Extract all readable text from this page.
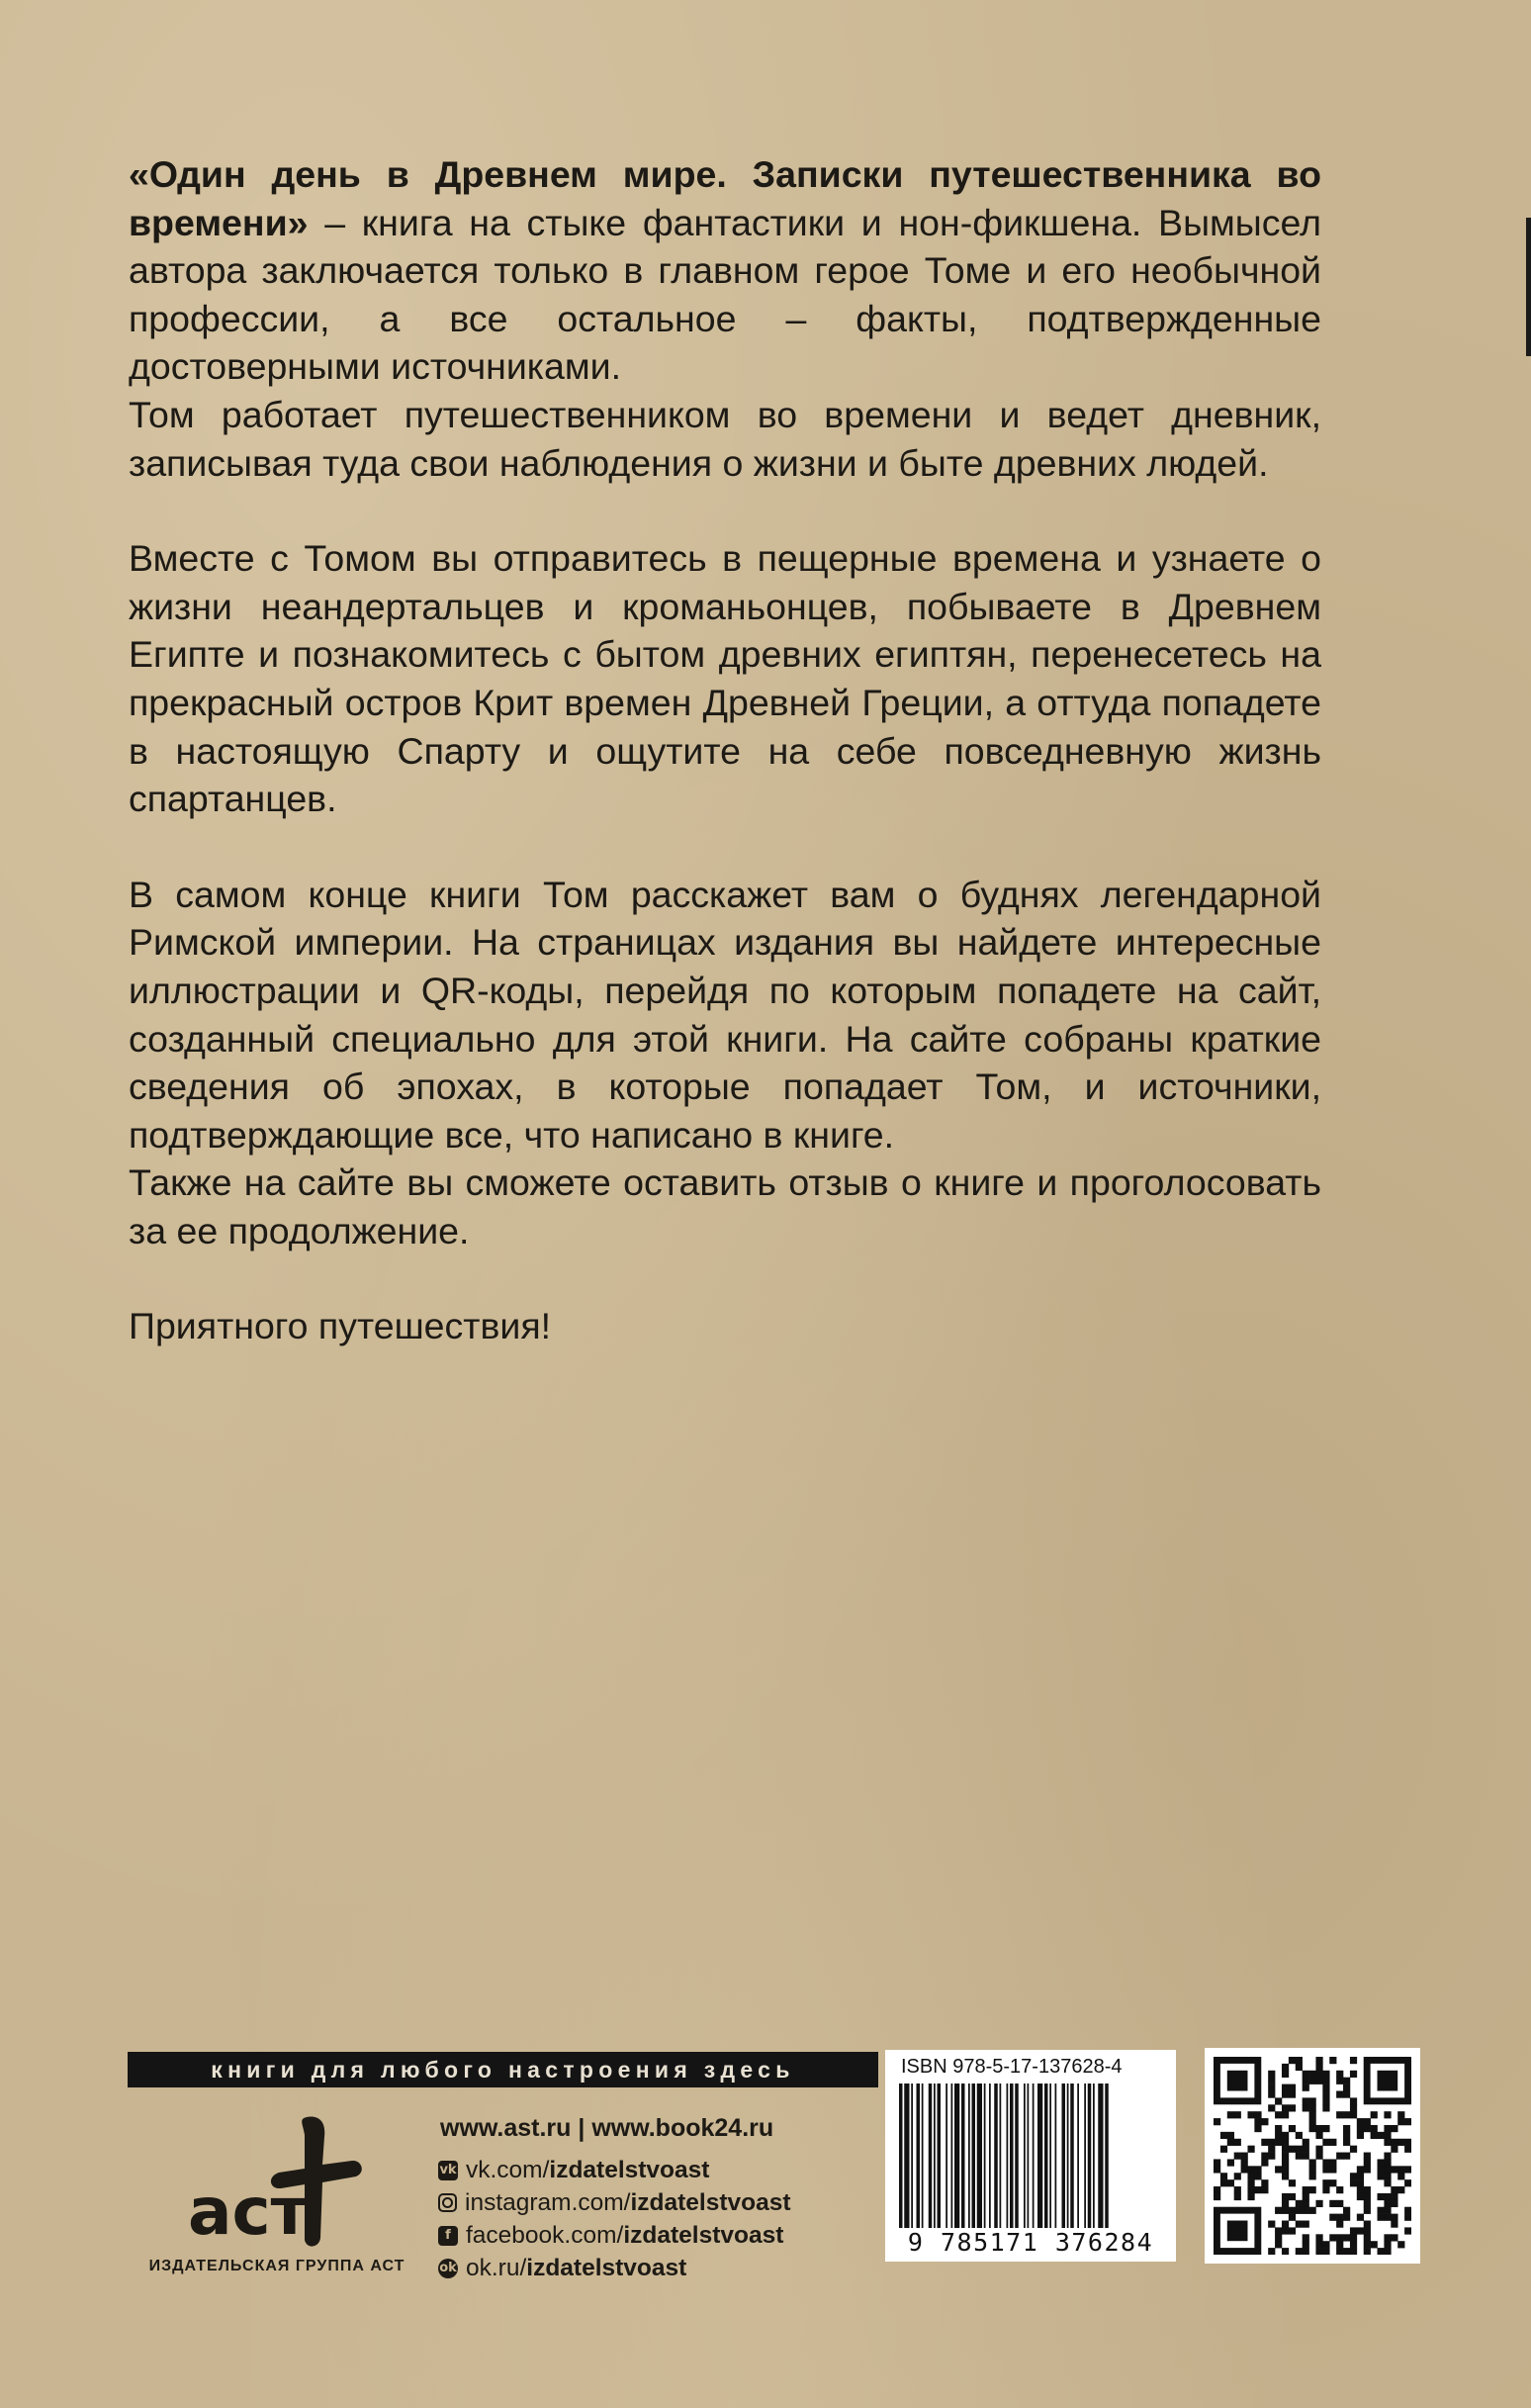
«Один день в Древнем мире. Записки путешественника во времени» – книга на стыке фантастики и нон-фикшена. Вымысел автора заключается только в главном герое Томе и его необычной профессии, а все остальное – факты, подтвержденные достоверными источниками.

Том работает путешественником во времени и ведет дневник, записывая туда свои наблюдения о жизни и быте древних людей.

Вместе с Томом вы отправитесь в пещерные времена и узнаете о жизни неандертальцев и кроманьонцев, побываете в Древнем Египте и познакомитесь с бытом древних египтян, перенесетесь на прекрасный остров Крит времен Древней Греции, а оттуда попадете в настоящую Спарту и ощутите на себе повседневную жизнь спартанцев.

В самом конце книги Том расскажет вам о буднях легендарной Римской империи. На страницах издания вы найдете интересные иллюстрации и QR-коды, перейдя по которым попадете на сайт, созданный специально для этой книги. На сайте собраны краткие сведения об эпохах, в которые попадает Том, и источники, подтверждающие все, что написано в книге.

Также на сайте вы сможете оставить отзыв о книге и проголосовать за ее продолжение.

Приятного путешествия!

книги для любого настроения здесь
аст
ИЗДАТЕЛЬСКАЯ ГРУППА АСТ
www.ast.ru | www.book24.ru
vk vk.com/ izdatelstvoast
instagram.com/ izdatelstvoast
f facebook.com/ izdatelstvoast
ok ok.ru/ izdatelstvoast
ISBN 978-5-17-137628-4
9 785171 376284
